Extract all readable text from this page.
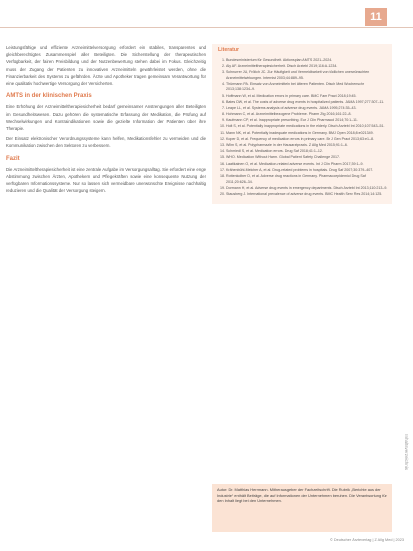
11

Leistungsfähige und effiziente Arzneimittelversorgung erfordert ein stabiles, transparentes und gleichberechtigtes Zusammenspiel aller Beteiligten. Die Sicherstellung der therapeutischen Verfügbarkeit, der fairen Preisbildung und der Nutzenbewertung stehen dabei im Fokus. Gleichzeitig muss der Zugang der Patienten zu innovativen Arzneimitteln gewährleistet werden, ohne die Finanzierbarkeit des Systems zu gefährden. Ärzte und Apotheker tragen gemeinsam Verantwortung für eine qualitativ hochwertige Versorgung der Versicherten.

AMTS in der klinischen Praxis

Eine Erhöhung der Arzneimitteltherapiesicherheit bedarf gemeinsamer Anstrengungen aller Beteiligten im Gesundheitswesen. Dazu gehören die systematische Erfassung der Medikation, die Prüfung auf Wechselwirkungen und Kontraindikationen sowie die gezielte Information der Patienten über ihre Therapie.

Der Einsatz elektronischer Verordnungssysteme kann helfen, Medikationsfehler zu vermeiden und die Kommunikation zwischen den Sektoren zu verbessern.

Fazit

Die Arzneimitteltherapiesicherheit ist eine zentrale Aufgabe im Versorgungsalltag. Sie erfordert eine enge Abstimmung zwischen Ärzten, Apothekern und Pflegekräften sowie eine konsequente Nutzung der verfügbaren Informationssysteme. Nur so lassen sich vermeidbare unerwünschte Ereignisse nachhaltig reduzieren und die Qualität der Versorgung steigern.

Literatur
1. Bundesministerium für Gesundheit. Aktionsplan AMTS 2021–2024.
2. Aly AF. Arzneimitteltherapiesicherheit. Dtsch Arztebl 2019;116:A-1234.
3. Schnurrer JU, Frölich JC. Zur Häufigkeit und Vermeidbarkeit von tödlichen unerwünschten Arzneimittelwirkungen. Internist 2003;44:889–95.
4. Thürmann PA. Einsatz von Arzneimitteln bei älteren Patienten. Dtsch Med Wochenschr 2013;138:1234–9.
5. Hoffmann W, et al. Medication errors in primary care. BMC Fam Pract 2018;19:45.
6. Bates DW, et al. The costs of adverse drug events in hospitalized patients. JAMA 1997;277:307–11.
7. Leape LL, et al. Systems analysis of adverse drug events. JAMA 1995;274:35–43.
8. Hohmann C, et al. Arzneimittelbezogene Probleme. Pharm Ztg 2016;161:22–8.
9. Kaufmann CP, et al. Inappropriate prescribing. Eur J Clin Pharmacol 2014;70:1–11.
10. Holt S, et al. Potentially inappropriate medications in the elderly. Dtsch Arztebl Int 2010;107:543–51.
11. Mann NK, et al. Potentially inadequate medications in Germany. BMJ Open 2018;8:e021349.
12. Koper D, et al. Frequency of medication errors in primary care. Br J Gen Pract 2013;63:e1–8.
13. Wilm S, et al. Polypharmazie in der Hausarztpraxis. Z Allg Med 2015;91:1–6.
14. Schmiedl S, et al. Medication errors. Drug Saf 2018;41:1–12.
15. WHO. Medication Without Harm. Global Patient Safety Challenge 2017.
16. Laatikainen O, et al. Medication-related adverse events. Int J Clin Pharm 2017;39:1–9.
17. Krähenbühl-Melcher A, et al. Drug-related problems in hospitals. Drug Saf 2007;30:379–407.
18. Rottenkolber D, et al. Adverse drug reactions in Germany. Pharmacoepidemiol Drug Saf 2011;20:626–34.
19. Dormann H, et al. Adverse drug events in emergency departments. Dtsch Arztebl Int 2013;110:213–9.
20. Stausberg J. International prevalence of adverse drug events. BMC Health Serv Res 2014;14:125.
Autor: Dr. Matthias Herrmann. Mitherausgeber der Fachzeitschrift. Die Rubrik „Berichte aus der Industrie“ enthält Beiträge, die auf Informationen der Unternehmen beruhen. Die Verantwortung für den Inhalt liegt bei den Unternehmen.
© Deutscher Ärzteverlag | Z Allg Med | 2023
Inhaltsverzeichnis
